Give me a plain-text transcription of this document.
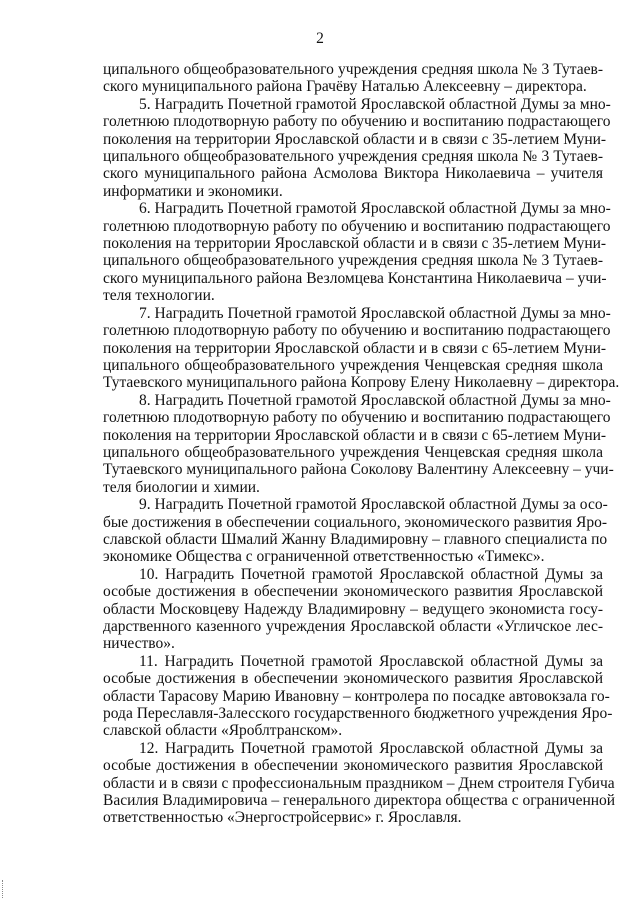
2
ципального общеобразовательного учреждения средняя школа № 3 Тутаев-
ского муниципального района Грачёву Наталью Алексеевну – директора.
5. Наградить Почетной грамотой Ярославской областной Думы за мно-
голетнюю плодотворную работу по обучению и воспитанию подрастающего
поколения на территории Ярославской области и в связи с 35-летием Муни-
ципального общеобразовательного учреждения средняя школа № 3 Тутаев-
ского муниципального района Асмолова Виктора Николаевича – учителя
информатики и экономики.
6. Наградить Почетной грамотой Ярославской областной Думы за мно-
голетнюю плодотворную работу по обучению и воспитанию подрастающего
поколения на территории Ярославской области и в связи с 35-летием Муни-
ципального общеобразовательного учреждения средняя школа № 3 Тутаев-
ского муниципального района Везломцева Константина Николаевича – учи-
теля технологии.
7. Наградить Почетной грамотой Ярославской областной Думы за мно-
голетнюю плодотворную работу по обучению и воспитанию подрастающего
поколения на территории Ярославской области и в связи с 65-летием Муни-
ципального общеобразовательного учреждения Ченцевская средняя школа
Тутаевского муниципального района Копрову Елену Николаевну – директора.
8. Наградить Почетной грамотой Ярославской областной Думы за мно-
голетнюю плодотворную работу по обучению и воспитанию подрастающего
поколения на территории Ярославской области и в связи с 65-летием Муни-
ципального общеобразовательного учреждения Ченцевская средняя школа
Тутаевского муниципального района Соколову Валентину Алексеевну – учи-
теля биологии и химии.
9. Наградить Почетной грамотой Ярославской областной Думы за осо-
бые достижения в обеспечении социального, экономического развития Яро-
славской области Шмалий Жанну Владимировну – главного специалиста по
экономике Общества с ограниченной ответственностью «Тимекс».
10. Наградить Почетной грамотой Ярославской областной Думы за
особые достижения в обеспечении экономического развития Ярославской
области Московцеву Надежду Владимировну – ведущего экономиста госу-
дарственного казенного учреждения Ярославской области «Угличское лес-
ничество».
11. Наградить Почетной грамотой Ярославской областной Думы за
особые достижения в обеспечении экономического развития Ярославской
области Тарасову Марию Ивановну – контролера по посадке автовокзала го-
рода Переславля-Залесского государственного бюджетного учреждения Яро-
славской области «Яроблтранском».
12. Наградить Почетной грамотой Ярославской областной Думы за
особые достижения в обеспечении экономического развития Ярославской
области и в связи с профессиональным праздником – Днем строителя Губича
Василия Владимировича – генерального директора общества с ограниченной
ответственностью «Энергостройсервис» г. Ярославля.
